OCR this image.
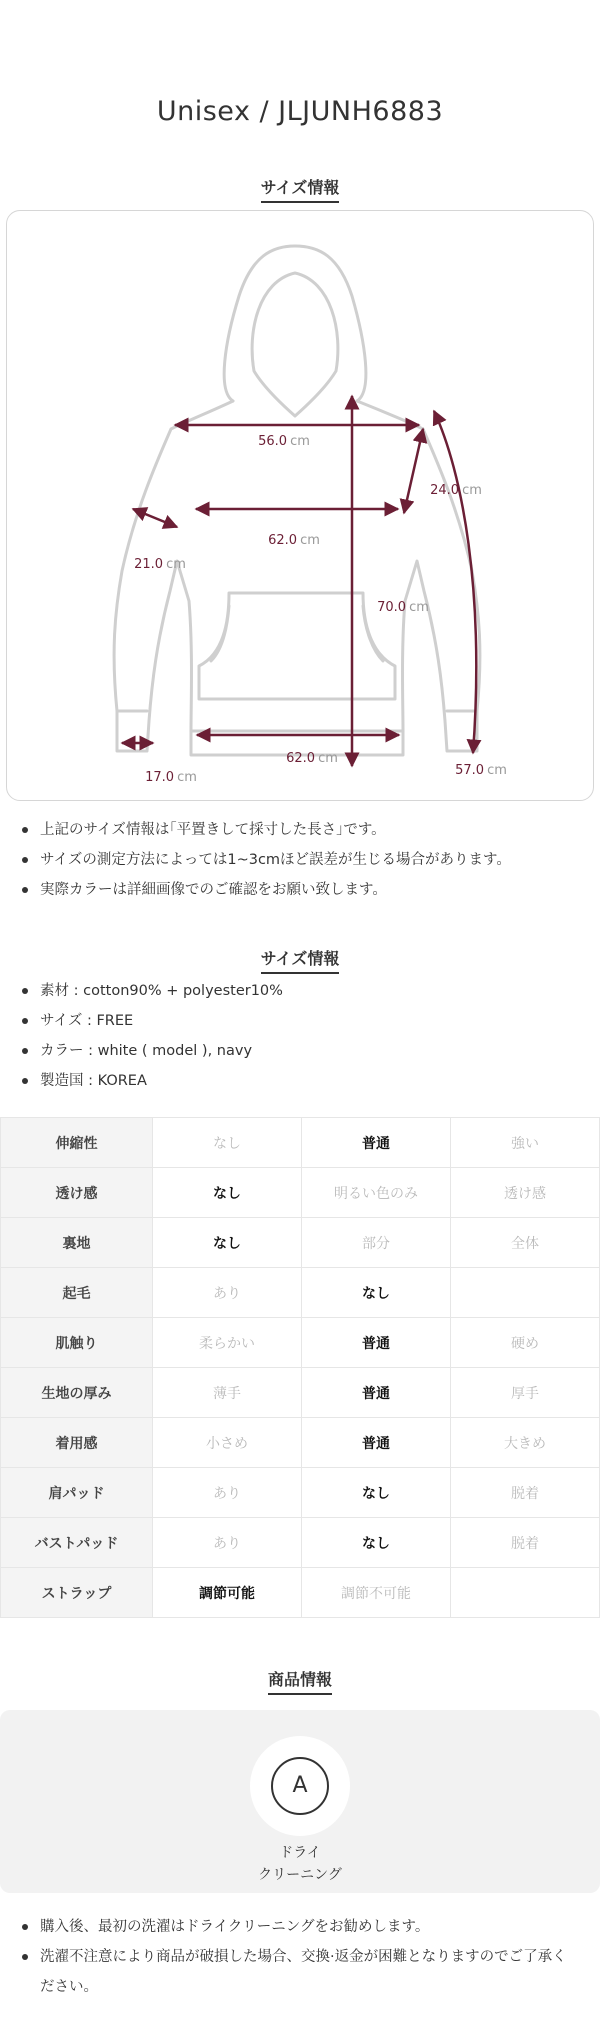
Unisex / JLJUNH6883
サイズ情報
56.0 cm
62.0 cm
24.0 cm
21.0 cm
70.0 cm
62.0 cm
17.0 cm	57.0 cm
上記のサイズ情報は｢平置きして採寸した長さ｣です。
サイズの測定方法によっては1~3cmほど誤差が生じる場合があります。
実際カラーは詳細画像でのご確認をお願い致します。
サイズ情報
素材 : cotton90% + polyester10%
サイズ : FREE
カラー : white ( model ), navy
製造国 : KOREA
伸縮性	なし	普通	強い
透け感	なし	明るい色のみ	透け感
裏地	なし	部分	全体
起毛	あり	なし	
肌触り	柔らかい	普通	硬め
生地の厚み	薄手	普通	厚手
着用感	小さめ	普通	大きめ
肩パッド	あり	なし	脱着
バストパッド	あり	なし	脱着
ストラップ	調節可能	調節不可能	
商品情報
A
ドライ
クリーニング
購入後、最初の洗濯はドライクリーニングをお勧めします。
洗濯不注意により商品が破損した場合、交換·返金が困難となりますのでご了承ください。
